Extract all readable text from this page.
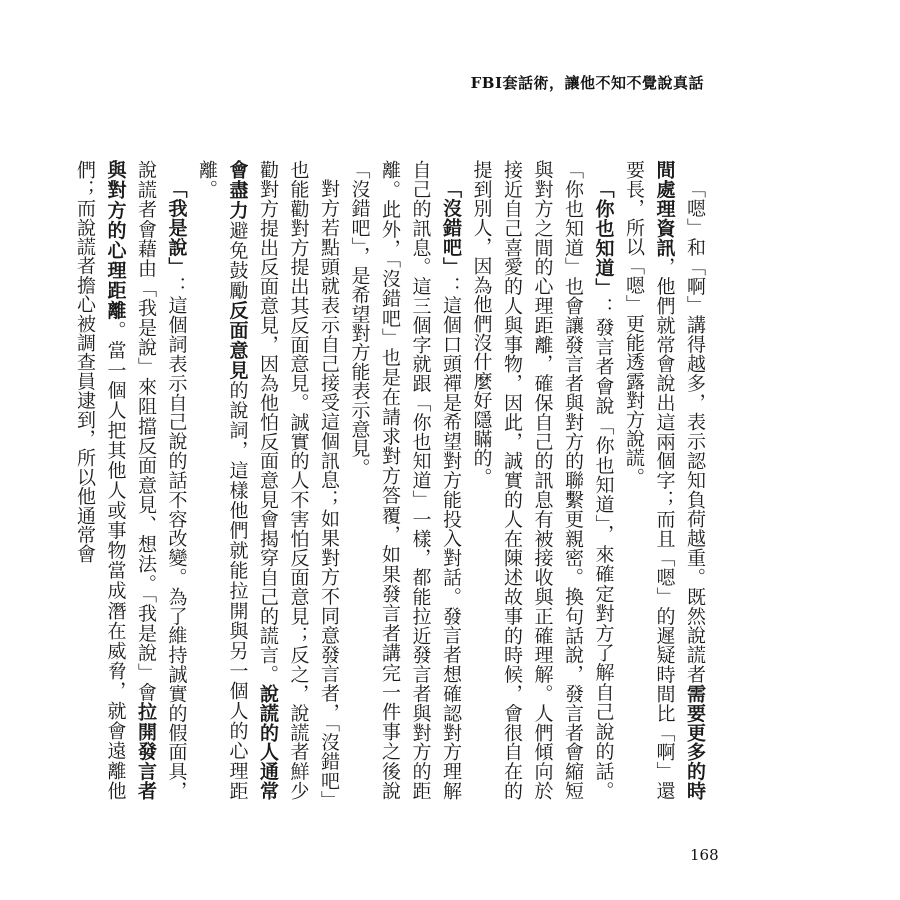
FBI套話術，讓他不知不覺說真話

「嗯」和「啊」講得越多，表示認知負荷越重。既然說謊者需要更多的時間處理資訊，他們就常會說出這兩個字；而且「嗯」的遲疑時間比「啊」還要長，所以「嗯」更能透露對方說謊。

「你也知道」：發言者會說「你也知道」，來確定對方了解自己說的話。「你也知道」也會讓發言者與對方的聯繫更親密。換句話說，發言者會縮短與對方之間的心理距離，確保自己的訊息有被接收與正確理解。人們傾向於接近自己喜愛的人與事物，因此，誠實的人在陳述故事的時候，會很自在的提到別人，因為他們沒什麼好隱瞞的。

「沒錯吧」：這個口頭禪是希望對方能投入對話。發言者想確認對方理解自己的訊息。這三個字就跟「你也知道」一樣，都能拉近發言者與對方的距離。此外，「沒錯吧」也是在請求對方答覆，如果發言者講完一件事之後說「沒錯吧」，是希望對方能表示意見。

對方若點頭就表示自己接受這個訊息；如果對方不同意發言者，「沒錯吧」也能勸對方提出其反面意見。誠實的人不害怕反面意見；反之，說謊者鮮少勸對方提出反面意見，因為他怕反面意見會揭穿自己的謊言。說謊的人通常會盡力避免鼓勵反面意見的說詞，這樣他們就能拉開與另一個人的心理距離。

「我是說」：這個詞表示自己說的話不容改變。為了維持誠實的假面具，說謊者會藉由「我是說」來阻擋反面意見、想法。「我是說」會拉開發言者與對方的心理距離。當一個人把其他人或事物當成潛在威脅，就會遠離他們；而說謊者擔心被調查員逮到，所以他通常會

168
